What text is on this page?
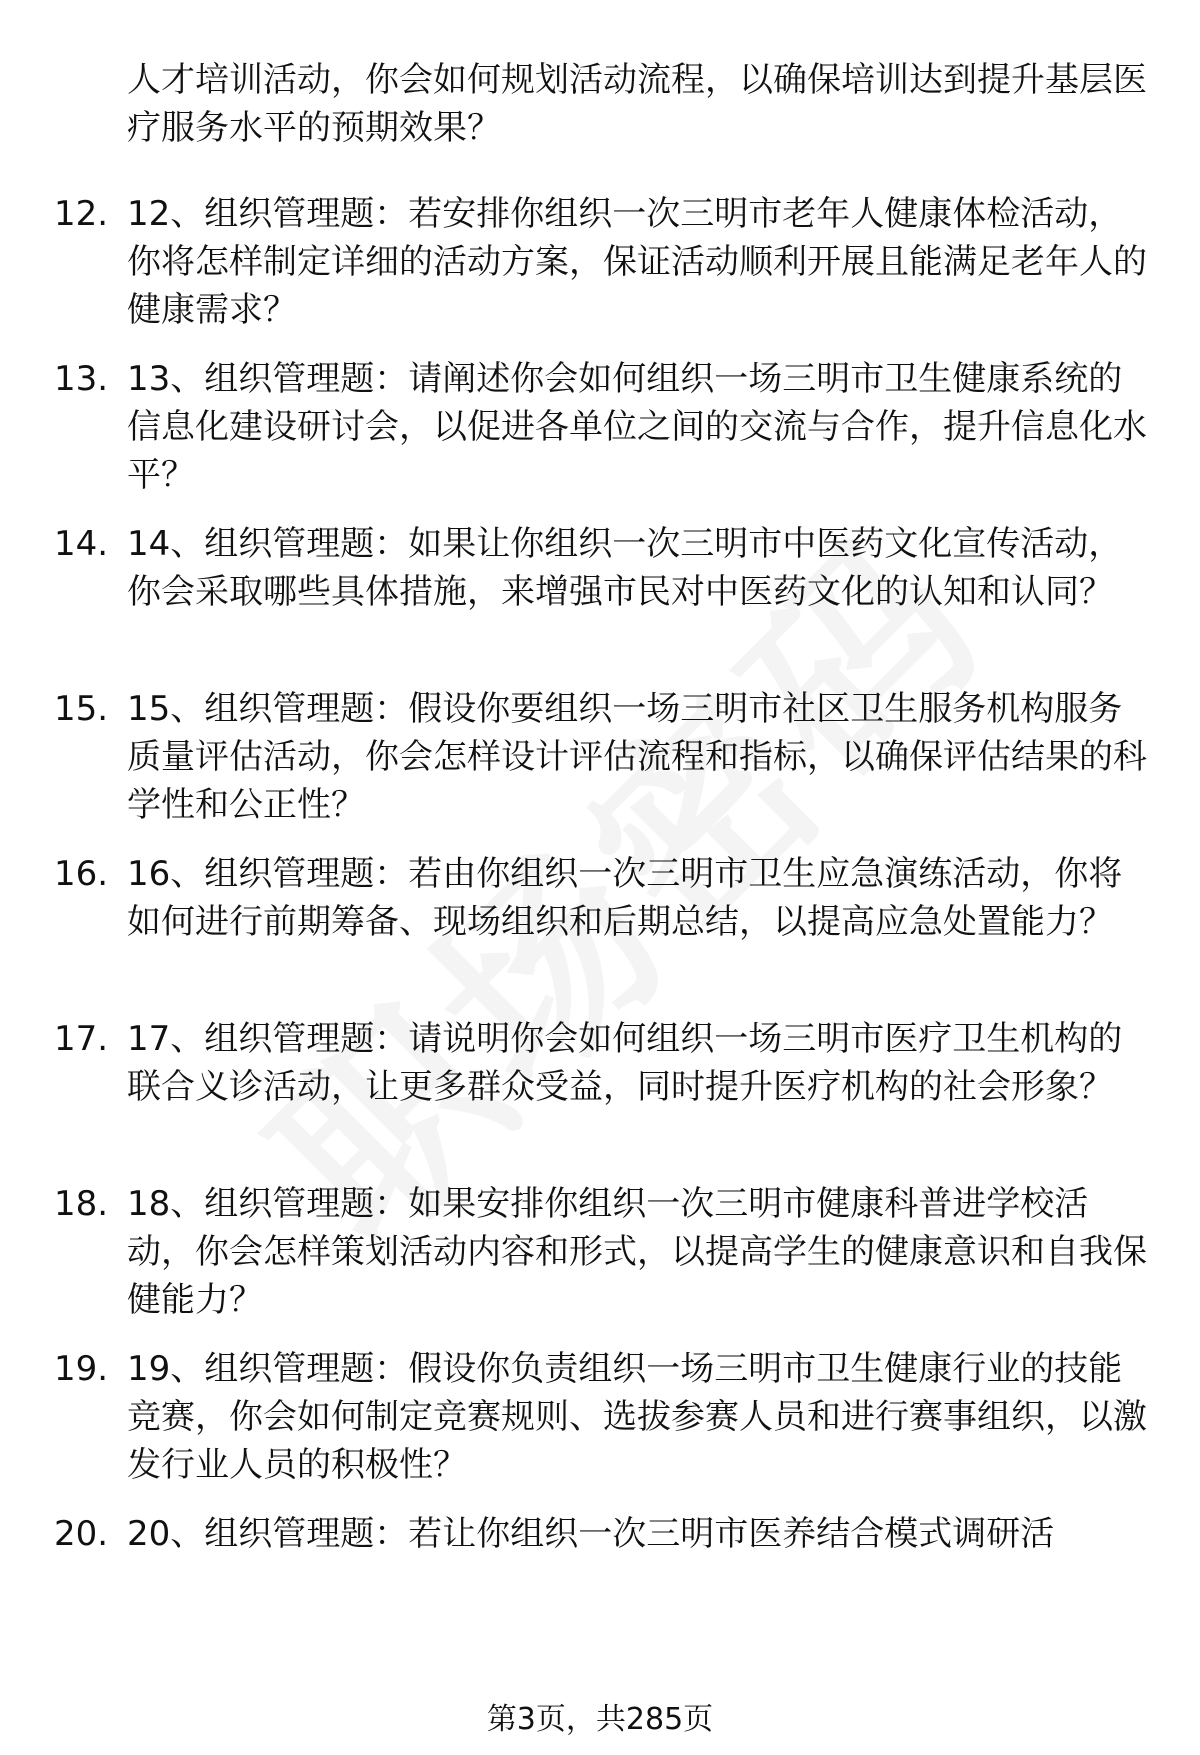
人才培训活动，你会如何规划活动流程，以确保培训达到提升基层医疗服务水平的预期效果？

12. 12、组织管理题：若安排你组织一次三明市老年人健康体检活动，你将怎样制定详细的活动方案，保证活动顺利开展且能满足老年人的健康需求？
13. 13、组织管理题：请阐述你会如何组织一场三明市卫生健康系统的信息化建设研讨会，以促进各单位之间的交流与合作，提升信息化水平？
14. 14、组织管理题：如果让你组织一次三明市中医药文化宣传活动，你会采取哪些具体措施，来增强市民对中医药文化的认知和认同？
15. 15、组织管理题：假设你要组织一场三明市社区卫生服务机构服务质量评估活动，你会怎样设计评估流程和指标，以确保评估结果的科学性和公正性？
16. 16、组织管理题：若由你组织一次三明市卫生应急演练活动，你将如何进行前期筹备、现场组织和后期总结，以提高应急处置能力？
17. 17、组织管理题：请说明你会如何组织一场三明市医疗卫生机构的联合义诊活动，让更多群众受益，同时提升医疗机构的社会形象？
18. 18、组织管理题：如果安排你组织一次三明市健康科普进学校活动，你会怎样策划活动内容和形式，以提高学生的健康意识和自我保健能力？
19. 19、组织管理题：假设你负责组织一场三明市卫生健康行业的技能竞赛，你会如何制定竞赛规则、选拔参赛人员和进行赛事组织，以激发行业人员的积极性？
20. 20、组织管理题：若让你组织一次三明市医养结合模式调研活
第3页，共285页
